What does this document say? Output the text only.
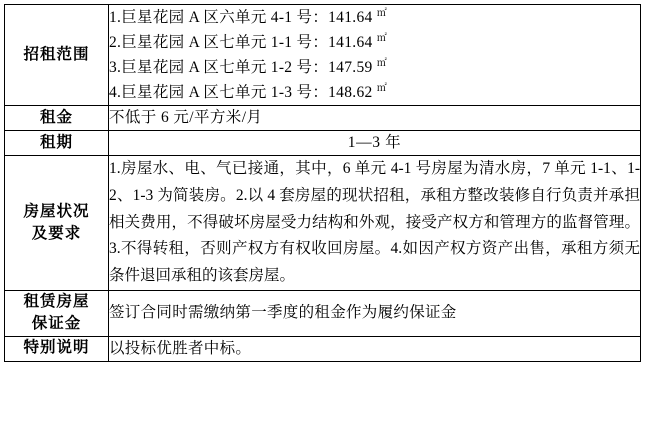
招租范围	1.巨星花园 A 区六单元 4-1 号：141.64 ㎡
2.巨星花园 A 区七单元 1-1 号：141.64 ㎡
3.巨星花园 A 区七单元 1-2 号：147.59 ㎡
4.巨星花园 A 区七单元 1-3 号：148.62 ㎡

租金	不低于 6 元/平方米/月

租期	1—3 年

房屋状况
及要求	1.房屋水、电、气已接通，其中，6 单元 4-1 号房屋为清水房，7 单元 1-1、1-2、1-3 为简装房。2.以 4 套房屋的现状招租，承租方整改装修自行负责并承担相关费用，不得破坏房屋受力结构和外观，接受产权方和管理方的监督管理。3.不得转租，否则产权方有权收回房屋。4.如因产权方资产出售，承租方须无条件退回承租的该套房屋。

租赁房屋
保证金	签订合同时需缴纳第一季度的租金作为履约保证金

特别说明	以投标优胜者中标。
